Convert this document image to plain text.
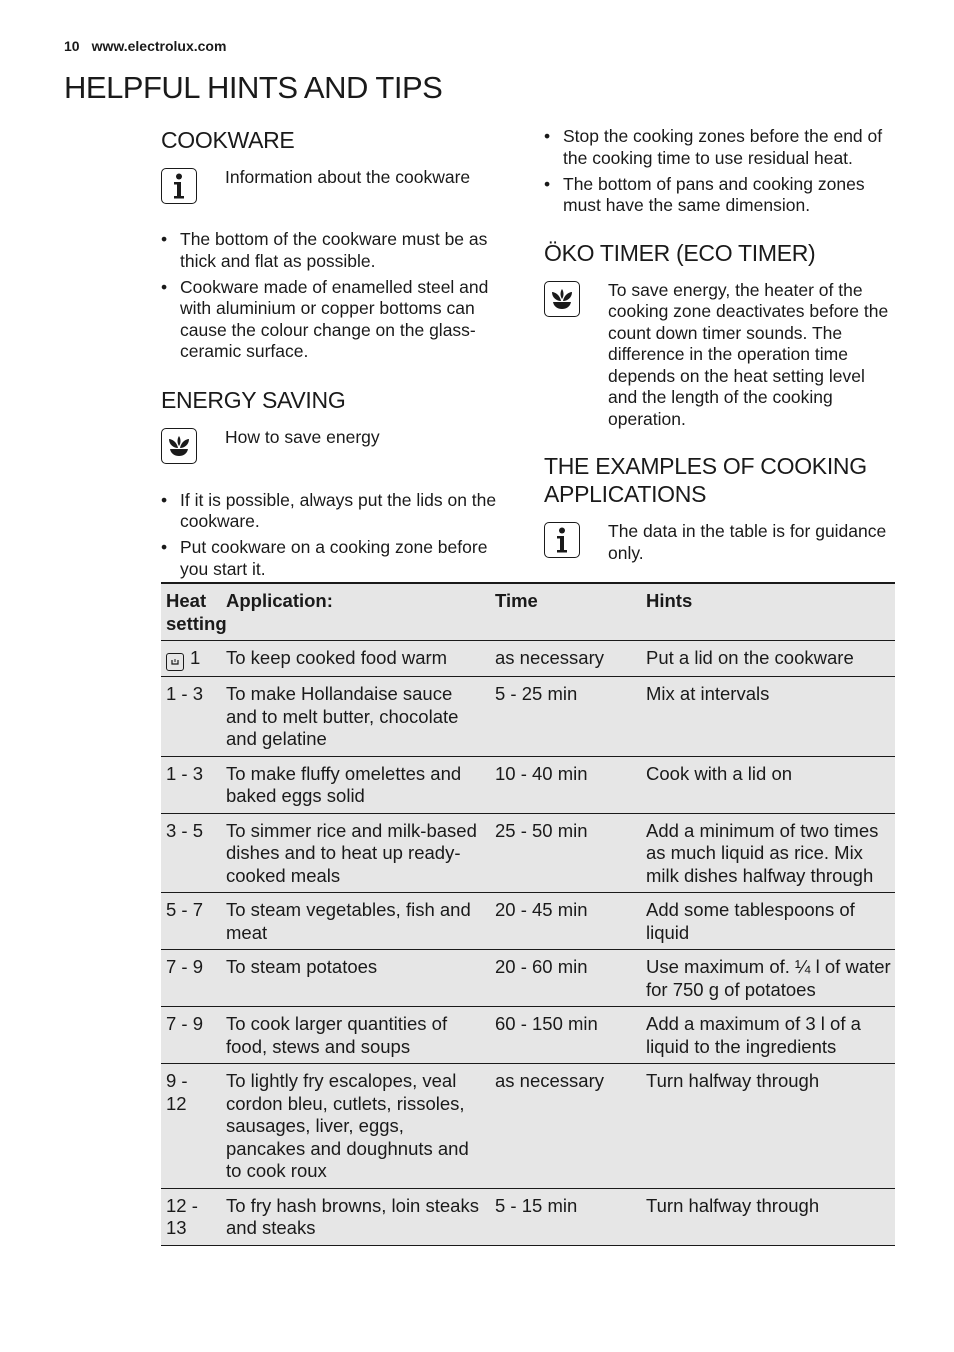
10 www.electrolux.com
HELPFUL HINTS AND TIPS
COOKWARE
Information about the cookware
• The bottom of the cookware must be as thick and flat as possible.
• Cookware made of enamelled steel and with aluminium or copper bottoms can cause the colour change on the glass-ceramic surface.
ENERGY SAVING
How to save energy
• If it is possible, always put the lids on the cookware.
• Put cookware on a cooking zone before you start it.
• Stop the cooking zones before the end of the cooking time to use residual heat.
• The bottom of pans and cooking zones must have the same dimension.
ÖKO TIMER (ECO TIMER)
To save energy, the heater of the cooking zone deactivates before the count down timer sounds. The difference in the operation time depends on the heat setting level and the length of the cooking operation.
THE EXAMPLES OF COOKING APPLICATIONS
The data in the table is for guidance only.
Heat setting	Application:	Time	Hints

1	To keep cooked food warm	as necessary	Put a lid on the cookware
1 - 3	To make Hollandaise sauce and to melt butter, chocolate and gelatine	5 - 25 min	Mix at intervals
1 - 3	To make fluffy omelettes and baked eggs solid	10 - 40 min	Cook with a lid on
3 - 5	To simmer rice and milk-based dishes and to heat up ready-cooked meals	25 - 50 min	Add a minimum of two times as much liquid as rice. Mix milk dishes halfway through
5 - 7	To steam vegetables, fish and meat	20 - 45 min	Add some tablespoons of liquid
7 - 9	To steam potatoes	20 - 60 min	Use maximum of. ¼ l of water for 750 g of potatoes
7 - 9	To cook larger quantities of food, stews and soups	60 - 150 min	Add a maximum of 3 l of a liquid to the ingredients

9 - 12	To lightly fry escalopes, veal cordon bleu, cutlets, rissoles, sausages, liver, eggs, pancakes and doughnuts and to cook roux	as necessary	Turn halfway through

12 - 13	To fry hash browns, loin steaks and steaks	5 - 15 min	Turn halfway through
